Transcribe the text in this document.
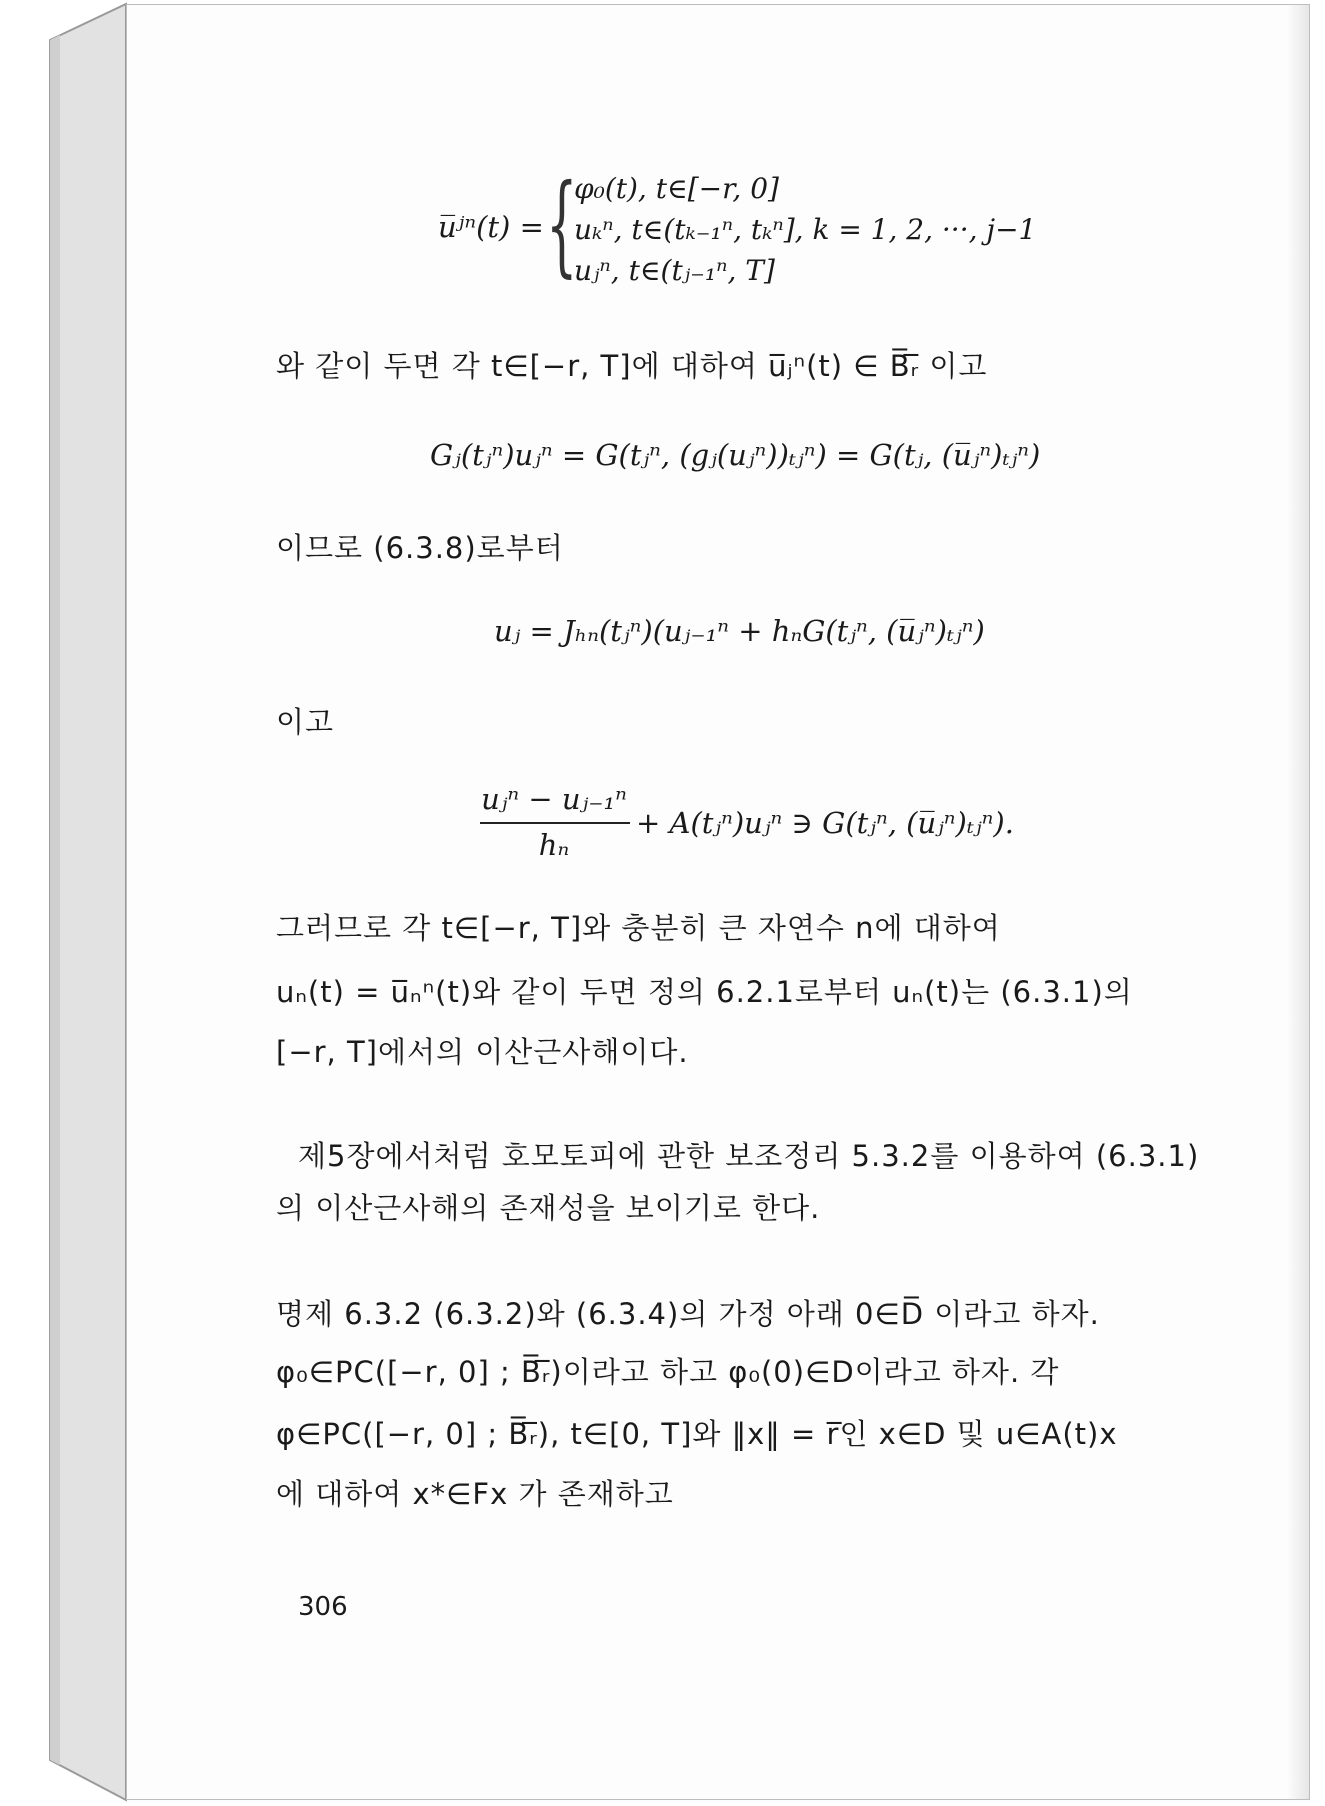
u̅ʲⁿ(t) = {
φ₀(t), t∈[−r, 0]
uₖⁿ, t∈(tₖ₋₁ⁿ, tₖⁿ], k = 1, 2, ···, j−1
uⱼⁿ, t∈(tⱼ₋₁ⁿ, T]
와 같이 두면 각 t∈[−r, T]에 대하여 u̅ⱼⁿ(t) ∈ B̅ᵣ̅ 이고
Gⱼ(tⱼⁿ)uⱼⁿ = G(tⱼⁿ, (gⱼ(uⱼⁿ))ₜⱼⁿ) = G(tⱼ, (u̅ⱼⁿ)ₜⱼⁿ)
이므로 (6.3.8)로부터
uⱼ = Jₕₙ(tⱼⁿ)(uⱼ₋₁ⁿ + hₙG(tⱼⁿ, (u̅ⱼⁿ)ₜⱼⁿ)
이고
uⱼⁿ − uⱼ₋₁ⁿ
hₙ
+ A(tⱼⁿ)uⱼⁿ ∋ G(tⱼⁿ, (u̅ⱼⁿ)ₜⱼⁿ).
그러므로 각 t∈[−r, T]와 충분히 큰 자연수 n에 대하여
uₙ(t) = u̅ₙⁿ(t)와 같이 두면 정의 6.2.1로부터 uₙ(t)는 (6.3.1)의
[−r, T]에서의 이산근사해이다.
제5장에서처럼 호모토피에 관한 보조정리 5.3.2를 이용하여 (6.3.1)
의 이산근사해의 존재성을 보이기로 한다.
명제 6.3.2 (6.3.2)와 (6.3.4)의 가정 아래 0∈D̅ 이라고 하자.
φ₀∈PC([−r, 0] ; B̅ᵣ̅)이라고 하고 φ₀(0)∈D이라고 하자. 각
φ∈PC([−r, 0] ; B̅ᵣ̅), t∈[0, T]와 ‖x‖ = r̅인 x∈D 및 u∈A(t)x
에 대하여 x*∈Fx 가 존재하고
306
